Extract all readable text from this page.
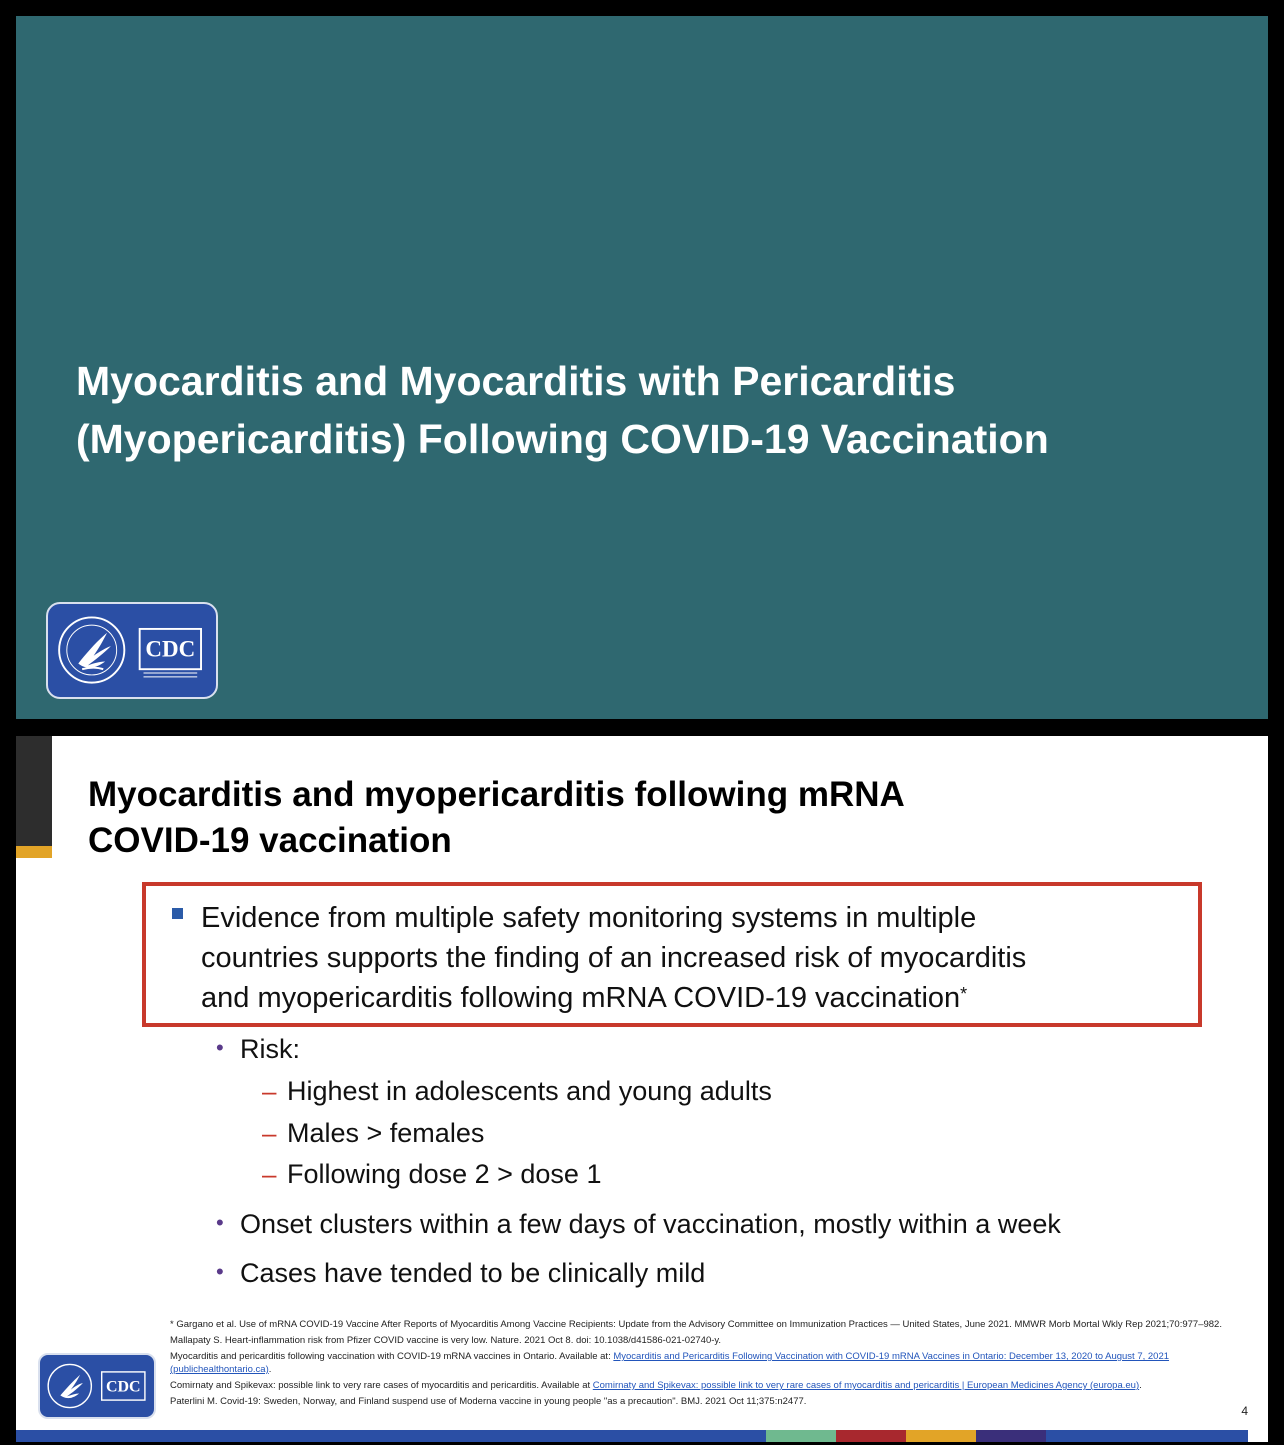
Myocarditis and Myocarditis with Pericarditis
(Myopericarditis) Following COVID-19 Vaccination
CDC
Myocarditis and myopericarditis following mRNA
COVID-19 vaccination
Evidence from multiple safety monitoring systems in multiple
countries supports the finding of an increased risk of myocarditis
and myopericarditis following mRNA COVID-19 vaccination*
• Risk:
– Highest in adolescents and young adults
– Males > females
– Following dose 2 > dose 1
• Onset clusters within a few days of vaccination, mostly within a week
• Cases have tended to be clinically mild
CDC

* Gargano et al. Use of mRNA COVID-19 Vaccine After Reports of Myocarditis Among Vaccine Recipients: Update from the Advisory Committee on Immunization Practices — United States, June 2021. MMWR Morb Mortal Wkly Rep 2021;70:977–982.

Mallapaty S. Heart-inflammation risk from Pfizer COVID vaccine is very low. Nature. 2021 Oct 8. doi: 10.1038/d41586-021-02740-y.

Myocarditis and pericarditis following vaccination with COVID-19 mRNA vaccines in Ontario. Available at: Myocarditis and Pericarditis Following Vaccination with COVID-19 mRNA Vaccines in Ontario: December 13, 2020 to August 7, 2021 (publichealthontario.ca).

Comirnaty and Spikevax: possible link to very rare cases of myocarditis and pericarditis. Available at Comirnaty and Spikevax: possible link to very rare cases of myocarditis and pericarditis | European Medicines Agency (europa.eu).

Paterlini M. Covid-19: Sweden, Norway, and Finland suspend use of Moderna vaccine in young people "as a precaution". BMJ. 2021 Oct 11;375:n2477.

4
